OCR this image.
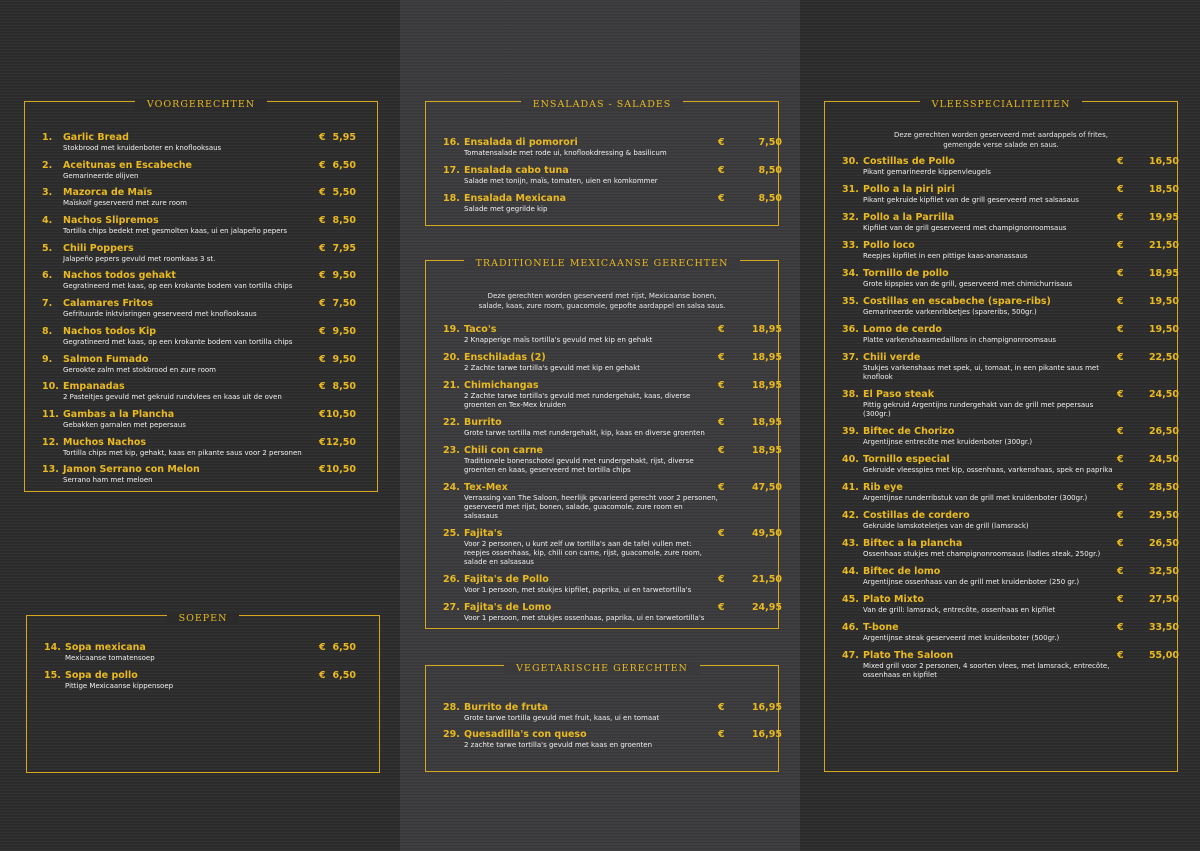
VOORGERECHTEN
1. Garlic Bread
Stokbrood met kruidenboter en knoflooksaus
€ 5,95
2. Aceitunas en Escabeche
Gemarineerde olijven
€ 6,50
3. Mazorca de Maïs
Maïskolf geserveerd met zure room
€ 5,50
4. Nachos Slipremos
Tortilla chips bedekt met gesmolten kaas, ui en jalapeño pepers
€ 8,50
5. Chili Poppers
Jalapeño pepers gevuld met roomkaas 3 st.
€ 7,95
6. Nachos todos gehakt
Gegratineerd met kaas, op een krokante bodem van tortilla chips
€ 9,50
7. Calamares Fritos
Gefrituurde inktvisringen geserveerd met knoflooksaus
€ 7,50
8. Nachos todos Kip
Gegratineerd met kaas, op een krokante bodem van tortilla chips
€ 9,50
9. Salmon Fumado
Gerookte zalm met stokbrood en zure room
€ 9,50
10. Empanadas
2 Pasteitjes gevuld met gekruid rundvlees en kaas uit de oven
€ 8,50
11. Gambas a la Plancha
Gebakken garnalen met pepersaus
€ 10,50
12. Muchos Nachos
Tortilla chips met kip, gehakt, kaas en pikante saus voor 2 personen
€ 12,50
13. Jamon Serrano con Melon
Serrano ham met meloen
€ 10,50
SOEPEN
14. Sopa mexicana
Mexicaanse tomatensoep
€ 6,50
15. Sopa de pollo
Pittige Mexicaanse kippensoep
€ 6,50
ENSALADAS - SALADES
16. Ensalada di pomorori
Tomatensalade met rode ui, knoflookdressing & basilicum
€	7,50
17. Ensalada cabo tuna
Salade met tonijn, maïs, tomaten, uien en komkommer
€	8,50
18. Ensalada Mexicana
Salade met gegrilde kip
€	8,50
TRADITIONELE MEXICAANSE GERECHTEN
Deze gerechten worden geserveerd met rijst, Mexicaanse bonen,
salade, kaas, zure room, guacomole, gepofte aardappel en salsa saus.
19. Taco's
2 Knapperige maïs tortilla's gevuld met kip en gehakt
€	18,95
20. Enschiladas (2)
2 Zachte tarwe tortilla's gevuld met kip en gehakt
€	18,95
21. Chimichangas
2 Zachte tarwe tortilla's gevuld met rundergehakt, kaas, diverse groenten en Tex-Mex kruiden
€	18,95
22. Burrito
Grote tarwe tortilla met rundergehakt, kip, kaas en diverse groenten
€	18,95
23. Chili con carne
Traditionele bonenschotel gevuld met rundergehakt, rijst, diverse groenten en kaas, geserveerd met tortilla chips
€	18,95
24. Tex-Mex
Verrassing van The Saloon, heerlijk gevarieerd gerecht voor 2 personen, geserveerd met rijst, bonen, salade, guacomole, zure room en salsasaus
€	47,50
25. Fajita's
Voor 2 personen, u kunt zelf uw tortilla's aan de tafel vullen met: reepjes ossenhaas, kip, chili con carne, rijst, guacomole, zure room, salade en salsasaus
€	49,50
26. Fajita's de Pollo
Voor 1 persoon, met stukjes kipfilet, paprika, ui en tarwetortilla's
€	21,50
27. Fajita's de Lomo
Voor 1 persoon, met stukjes ossenhaas, paprika, ui en tarwetortilla's
€	24,95
VEGETARISCHE GERECHTEN
28. Burrito de fruta
Grote tarwe tortilla gevuld met fruit, kaas, ui en tomaat
€	16,95
29. Quesadilla's con queso
2 zachte tarwe tortilla's gevuld met kaas en groenten
€	16,95
VLEESSPECIALITEITEN
Deze gerechten worden geserveerd met aardappels of frites,
gemengde verse salade en saus.
30. Costillas de Pollo
Pikant gemarineerde kippenvleugels
€	16,50
31. Pollo a la piri piri
Pikant gekruide kipfilet van de grill geserveerd met salsasaus
€	18,50
32. Pollo a la Parrilla
Kipfilet van de grill geserveerd met champignonroomsaus
€	19,95
33. Pollo loco
Reepjes kipfilet in een pittige kaas-ananassaus
€	21,50
34. Tornillo de pollo
Grote kipspies van de grill, geserveerd met chimichurrisaus
€	18,95
35. Costillas en escabeche (spare-ribs)
Gemarineerde varkenribbetjes (spareribs, 500gr.)
€	19,50
36. Lomo de cerdo
Platte varkenshaasmedaillons in champignonroomsaus
€	19,50
37. Chili verde
Stukjes varkenshaas met spek, ui, tomaat, in een pikante saus met knoflook
€	22,50
38. El Paso steak
Pittig gekruid Argentijns rundergehakt van de grill met pepersaus (300gr.)
€	24,50
39. Biftec de Chorizo
Argentijnse entrecôte met kruidenboter (300gr.)
€	26,50
40. Tornillo especial
Gekruide vleesspies met kip, ossenhaas, varkenshaas, spek en paprika
€	24,50
41. Rib eye
Argentijnse runderribstuk van de grill met kruidenboter (300gr.)
€	28,50
42. Costillas de cordero
Gekruide lamskoteletjes van de grill (lamsrack)
€	29,50
43. Biftec a la plancha
Ossenhaas stukjes met champignonroomsaus (ladies steak, 250gr.)
€	26,50
44. Biftec de lomo
Argentijnse ossenhaas van de grill met kruidenboter (250 gr.)
€	32,50
45. Plato Mixto
Van de grill: lamsrack, entrecôte, ossenhaas en kipfilet
€	27,50
46. T-bone
Argentijnse steak geserveerd met kruidenboter (500gr.)
€	33,50
47. Plato The Saloon
Mixed grill voor 2 personen, 4 soorten vlees, met lamsrack, entrecôte, ossenhaas en kipfilet
€	55,00
